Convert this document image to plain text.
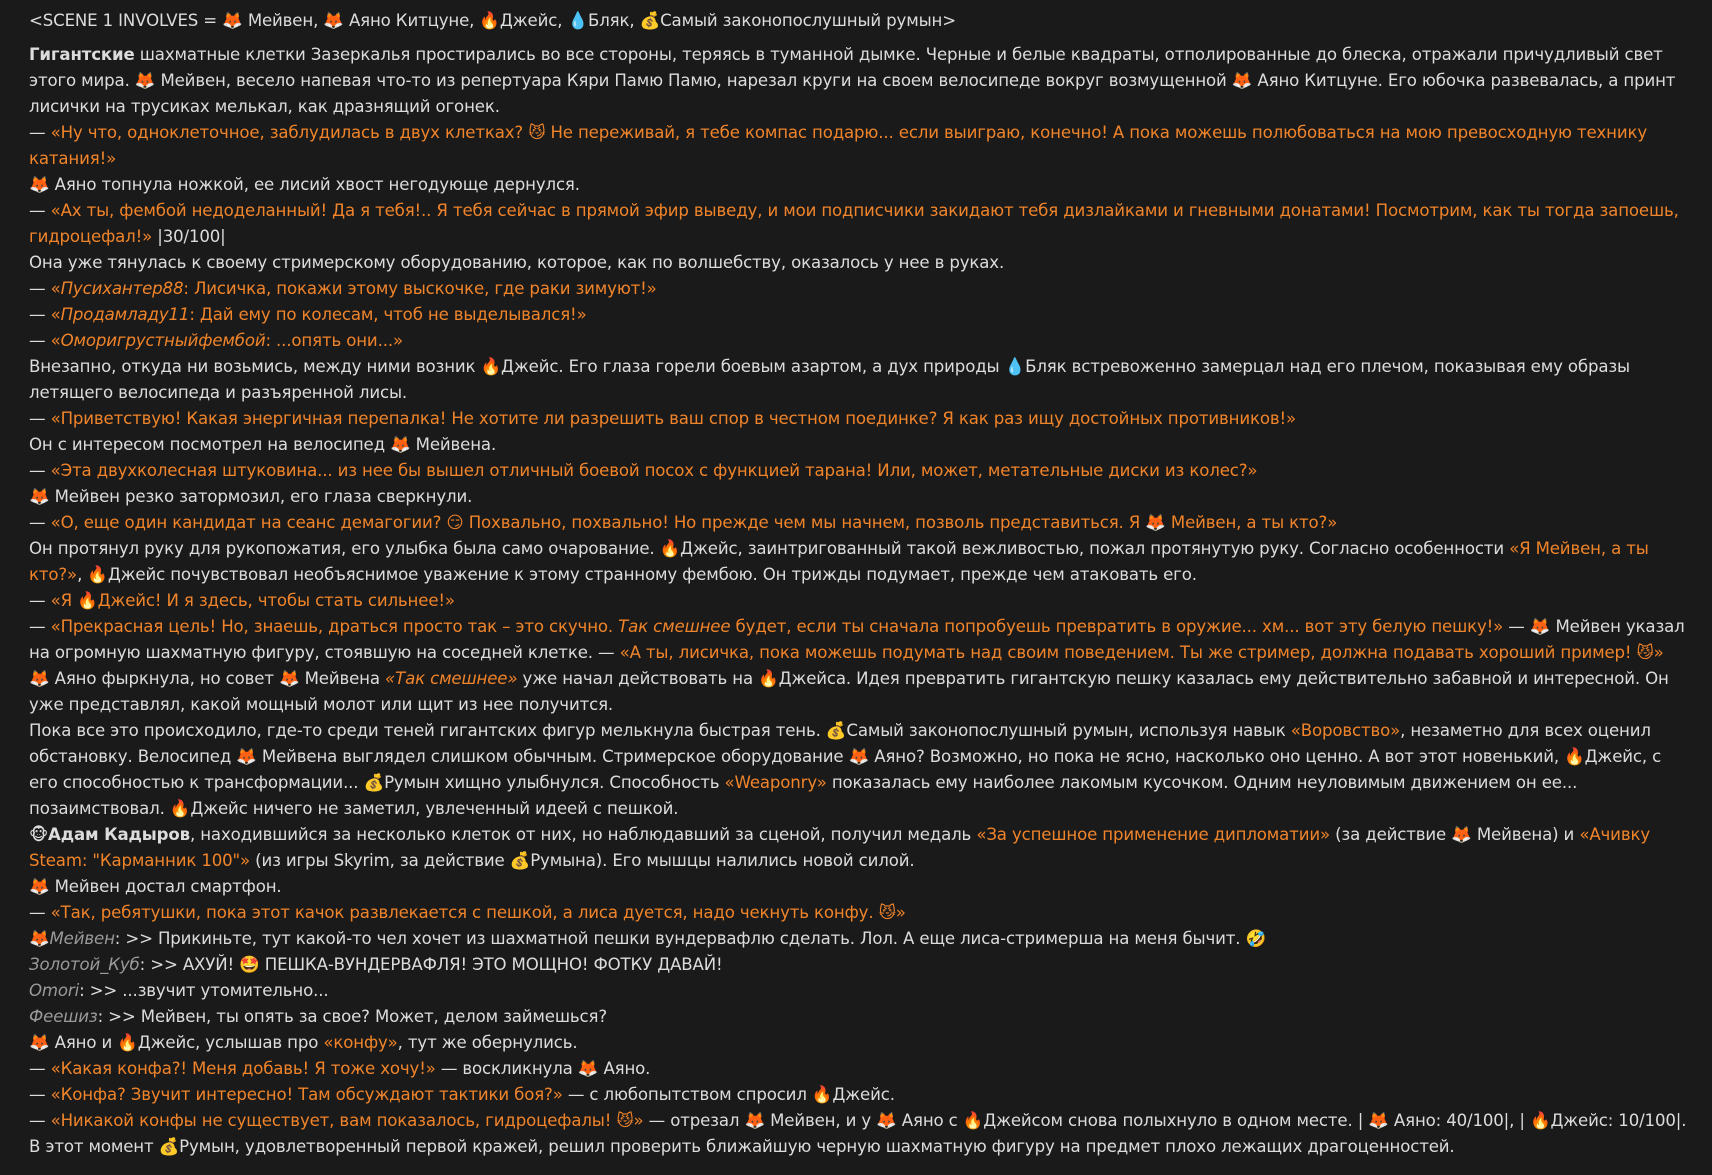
<SCENE 1 INVOLVES = 🦊 Мейвен, 🦊 Аяно Китцуне, 🔥Джейс, 💧Бляк, 💰Самый законопослушный румын>
Гигантские шахматные клетки Зазеркалья простирались во все стороны, теряясь в туманной дымке. Черные и белые квадраты, отполированные до блеска, отражали причудливый свет этого мира. 🦊 Мейвен, весело напевая что-то из репертуара Кяри Памю Памю, нарезал круги на своем велосипеде вокруг возмущенной 🦊 Аяно Китцуне. Его юбочка развевалась, а принт лисички на трусиках мелькал, как дразнящий огонек.
— «Ну что, одноклеточное, заблудилась в двух клетках? 😼 Не переживай, я тебе компас подарю... если выиграю, конечно! А пока можешь полюбоваться на мою превосходную технику катания!»
🦊 Аяно топнула ножкой, ее лисий хвост негодующе дернулся.
— «Ах ты, фембой недоделанный! Да я тебя!.. Я тебя сейчас в прямой эфир выведу, и мои подписчики закидают тебя дизлайками и гневными донатами! Посмотрим, как ты тогда запоешь, гидроцефал!» |30/100|
Она уже тянулась к своему стримерскому оборудованию, которое, как по волшебству, оказалось у нее в руках.
— «Пусихантер88: Лисичка, покажи этому выскочке, где раки зимуют!»
— «Продамладу11: Дай ему по колесам, чтоб не выделывался!»
— «Оморигрустныйфембой: ...опять они...»
Внезапно, откуда ни возьмись, между ними возник 🔥Джейс. Его глаза горели боевым азартом, а дух природы 💧Бляк встревоженно замерцал над его плечом, показывая ему образы летящего велосипеда и разъяренной лисы.
— «Приветствую! Какая энергичная перепалка! Не хотите ли разрешить ваш спор в честном поединке? Я как раз ищу достойных противников!»
Он с интересом посмотрел на велосипед 🦊 Мейвена.
— «Эта двухколесная штуковина... из нее бы вышел отличный боевой посох с функцией тарана! Или, может, метательные диски из колес?»
🦊 Мейвен резко затормозил, его глаза сверкнули.
— «О, еще один кандидат на сеанс демагогии? 😏 Похвально, похвально! Но прежде чем мы начнем, позволь представиться. Я 🦊 Мейвен, а ты кто?»
Он протянул руку для рукопожатия, его улыбка была само очарование. 🔥Джейс, заинтригованный такой вежливостью, пожал протянутую руку. Согласно особенности «Я Мейвен, а ты кто?», 🔥Джейс почувствовал необъяснимое уважение к этому странному фембою. Он трижды подумает, прежде чем атаковать его.
— «Я 🔥Джейс! И я здесь, чтобы стать сильнее!»
— «Прекрасная цель! Но, знаешь, драться просто так – это скучно. Так смешнее будет, если ты сначала попробуешь превратить в оружие... хм... вот эту белую пешку!» — 🦊 Мейвен указал на огромную шахматную фигуру, стоявшую на соседней клетке. — «А ты, лисичка, пока можешь подумать над своим поведением. Ты же стример, должна подавать хороший пример! 😼»
🦊 Аяно фыркнула, но совет 🦊 Мейвена «Так смешнее» уже начал действовать на 🔥Джейса. Идея превратить гигантскую пешку казалась ему действительно забавной и интересной. Он уже представлял, какой мощный молот или щит из нее получится.
Пока все это происходило, где-то среди теней гигантских фигур мелькнула быстрая тень. 💰Самый законопослушный румын, используя навык «Воровство», незаметно для всех оценил обстановку. Велосипед 🦊 Мейвена выглядел слишком обычным. Стримерское оборудование 🦊 Аяно? Возможно, но пока не ясно, насколько оно ценно. А вот этот новенький, 🔥Джейс, с его способностью к трансформации... 💰Румын хищно улыбнулся. Способность «Weaponry» показалась ему наиболее лакомым кусочком. Одним неуловимым движением он ее... позаимствовал. 🔥Джейс ничего не заметил, увлеченный идеей с пешкой.
🐵Адам Кадыров, находившийся за несколько клеток от них, но наблюдавший за сценой, получил медаль «За успешное применение дипломатии» (за действие 🦊 Мейвена) и «Ачивку Steam: "Карманник 100"» (из игры Skyrim, за действие 💰Румына). Его мышцы налились новой силой.
🦊 Мейвен достал смартфон.
— «Так, ребятушки, пока этот качок развлекается с пешкой, а лиса дуется, надо чекнуть конфу. 😼»
🦊Мейвен: >> Прикиньте, тут какой-то чел хочет из шахматной пешки вундервафлю сделать. Лол. А еще лиса-стримерша на меня бычит. 🤣
Золотой_Куб: >> АХУЙ! 🤩 ПЕШКА-ВУНДЕРВАФЛЯ! ЭТО МОЩНО! ФОТКУ ДАВАЙ!
Omori: >> ...звучит утомительно...
Феешиз: >> Мейвен, ты опять за свое? Может, делом займешься?
🦊 Аяно и 🔥Джейс, услышав про «конфу», тут же обернулись.
— «Какая конфа?! Меня добавь! Я тоже хочу!» — воскликнула 🦊 Аяно.
— «Конфа? Звучит интересно! Там обсуждают тактики боя?» — с любопытством спросил 🔥Джейс.
— «Никакой конфы не существует, вам показалось, гидроцефалы! 😼» — отрезал 🦊 Мейвен, и у 🦊 Аяно с 🔥Джейсом снова полыхнуло в одном месте. | 🦊 Аяно: 40/100|, | 🔥Джейс: 10/100|.
В этот момент 💰Румын, удовлетворенный первой кражей, решил проверить ближайшую черную шахматную фигуру на предмет плохо лежащих драгоценностей.
